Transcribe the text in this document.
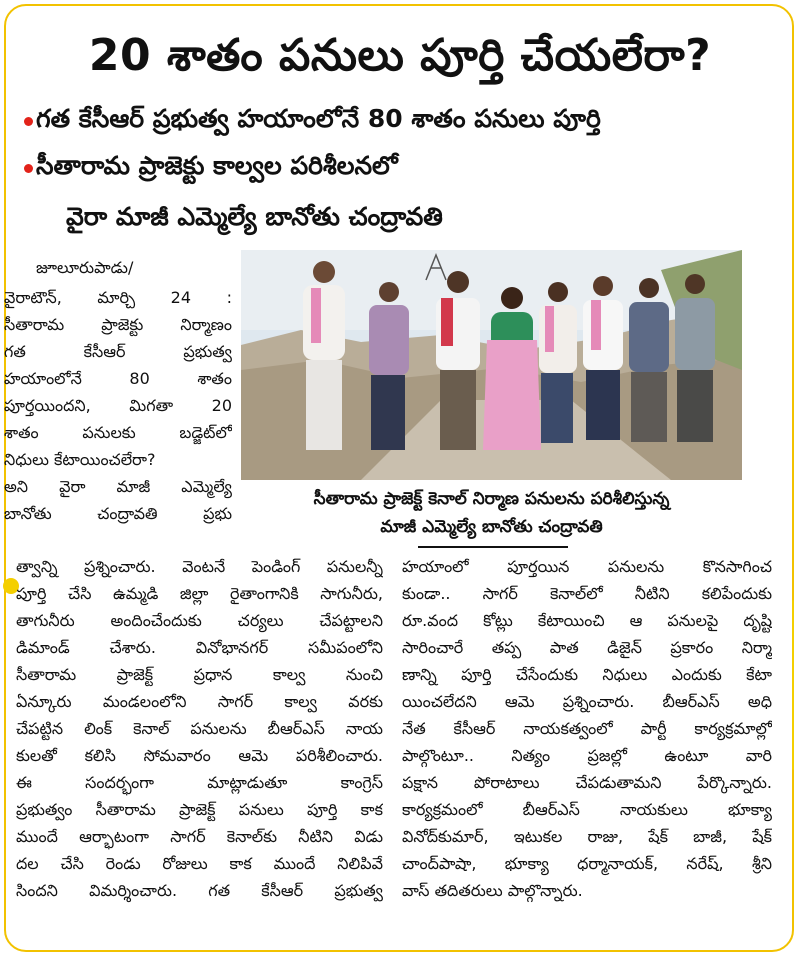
20 శాతం పనులు పూర్తి చేయలేరా?
గత కేసీఆర్ ప్రభుత్వ హయాంలోనే 80 శాతం పనులు పూర్తి
సీతారామ ప్రాజెక్టు కాల్వల పరిశీలనలో
వైరా మాజీ ఎమ్మెల్యే బానోతు చంద్రావతి
సీతారామ ప్రాజెక్ట్ కెనాల్ నిర్మాణ పనులను పరిశీలిస్తున్న
మాజీ ఎమ్మెల్యే బానోతు చంద్రావతి
జూలూరుపాడు/
వైరాటౌన్, మార్చి 24 :
సీతారామ ప్రాజెక్టు నిర్మాణం
గత కేసీఆర్ ప్రభుత్వ
హయాంలోనే 80 శాతం
పూర్తయిందని, మిగతా 20
శాతం పనులకు బడ్జెట్‌లో
నిధులు కేటాయించలేరా?
అని వైరా మాజీ ఎమ్మెల్యే
బానోతు చంద్రావతి ప్రభు
త్వాన్ని ప్రశ్నించారు. వెంటనే పెండింగ్ పనులన్నీ
పూర్తి చేసి ఉమ్మడి జిల్లా రైతాంగానికి సాగునీరు,
తాగునీరు అందించేందుకు చర్యలు చేపట్టాలని
డిమాండ్ చేశారు. వినోభానగర్ సమీపంలోని
సీతారామ ప్రాజెక్ట్ ప్రధాన కాల్వ నుంచి
ఏన్కూరు మండలంలోని సాగర్ కాల్వ వరకు
చేపట్టిన లింక్ కెనాల్ పనులను బీఆర్ఎస్ నాయ
కులతో కలిసి సోమవారం ఆమె పరిశీలించారు.
ఈ సందర్భంగా మాట్లాడుతూ కాంగ్రెస్
ప్రభుత్వం సీతారామ ప్రాజెక్ట్ పనులు పూర్తి కాక
ముందే ఆర్భాటంగా సాగర్ కెనాల్‌కు నీటిని విడు
దల చేసి రెండు రోజులు కాక ముందే నిలిపివే
సిందని విమర్శించారు. గత కేసీఆర్ ప్రభుత్వ
హయాంలో పూర్తయిన పనులను కొనసాగించ
కుండా.. సాగర్ కెనాల్‌లో నీటిని కలిపేందుకు
రూ.వంద కోట్లు కేటాయించి ఆ పనులపై దృష్టి
సారించారే తప్ప పాత డిజైన్ ప్రకారం నిర్మా
ణాన్ని పూర్తి చేసేందుకు నిధులు ఎందుకు కేటా
యించలేదని ఆమె ప్రశ్నించారు. బీఆర్ఎస్ అధి
నేత కేసీఆర్ నాయకత్వంలో పార్టీ కార్యక్రమాల్లో
పాల్గొంటూ.. నిత్యం ప్రజల్లో ఉంటూ వారి
పక్షాన పోరాటాలు చేపడుతామని పేర్కొన్నారు.
కార్యక్రమంలో బీఆర్ఎస్ నాయకులు భూక్యా
వినోద్‌కుమార్, ఇటుకల రాజు, షేక్ బాజీ, షేక్
చాంద్‌పాషా, భూక్యా ధర్మానాయక్, నరేష్, శ్రీని
వాస్ తదితరులు పాల్గొన్నారు.
